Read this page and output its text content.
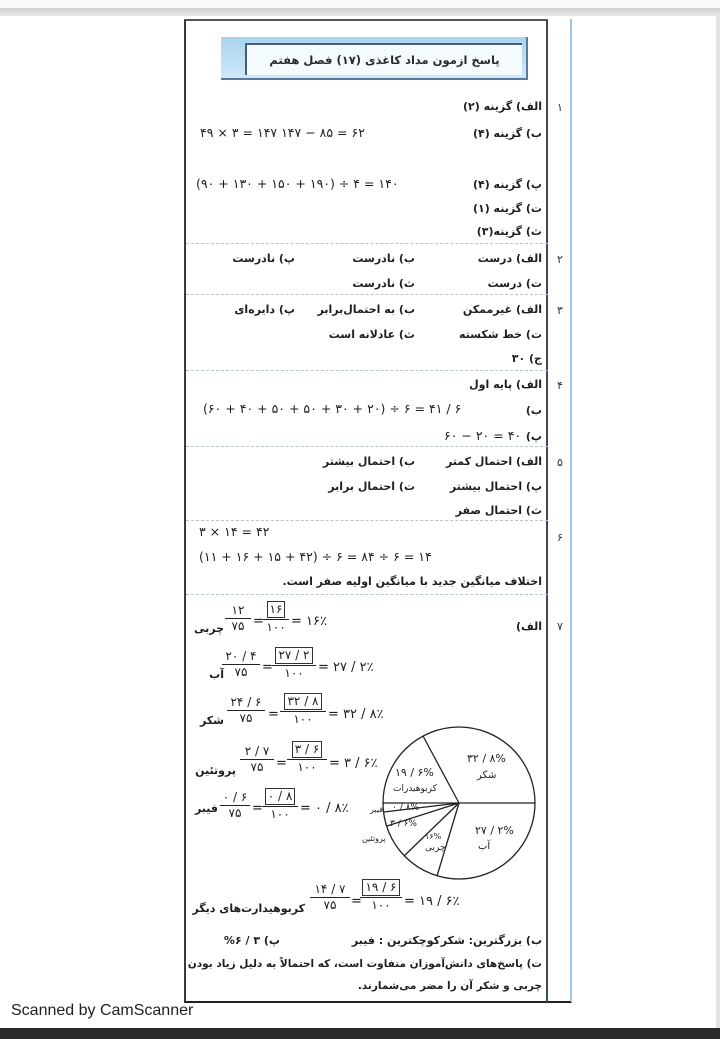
پاسخ ازمون مداد کاغذی (۱۷) فصل هفتم
۱
الف) گزینه (۲)
ب) گزینه (۴)
۴۹ × ۳ = ۱۴۷ ۱۴۷ − ۸۵ = ۶۲
پ) گزینه (۴)
(۹۰ + ۱۳۰ + ۱۵۰ + ۱۹۰) ÷ ۴ = ۱۴۰
ت) گزینه (۱)
ث) گزینه(۳)
۲
الف) درست
ب) نادرست
پ) نادرست
ت) درست
ث) نادرست
۳
الف) غیرممکن
ب) به احتمال‌برابر
پ) دایره‌ای
ت) خط شکسته
ث) عادلانه است
ج) ۳۰
۴
الف) پایه اول
ب)
(۶۰ + ۴۰ + ۵۰ + ۵۰ + ۳۰ + ۲۰) ÷ ۶ = ۴۱ / ۶
پ)
۶۰ − ۲۰ = ۴۰
۵
الف) احتمال کمتر
ب) احتمال بیشتر
پ) احتمال بیشتر
ت) احتمال برابر
ث) احتمال صفر
۶
۳ × ۱۴ = ۴۲
(۱۱ + ۱۶ + ۱۵ + ۴۲) ÷ ۶ = ۸۴ ÷ ۶ = ۱۴
اختلاف میانگین جدید با میانگین اولیه صفر است.
۷
الف)
چربی
۱۲
۷۵ =
۱۶
۱۰۰ = ۱۶٪
آب
۲۰ / ۴
۷۵ =
۲۷ / ۲
۱۰۰ = ۲۷ / ۲٪
شکر
۲۴ / ۶
۷۵ =
۳۲ / ۸
۱۰۰ = ۳۲ / ۸٪
پروتئین
۲ / ۷
۷۵ =
۳ / ۶
۱۰۰ = ۳ / ۶٪
فیبر
۰ / ۶
۷۵ =
۰ / ۸
۱۰۰ = ۰ / ۸٪
۳۲ / ۸%
شکر
۲۷ / ۲%
آب
۱۶%
چربی
۳ / ۶%
پروتئین
۰ / ۸%
فیبر
۱۹ / ۶%
کربوهیدرات
کربوهیدارت‌های دیگر
۱۴ / ۷
۷۵ =
۱۹ / ۶
۱۰۰ = ۱۹ / ۶٪
ب) بزرگترین: شکر
کوچکترین : فیبر
پ) ۳ / ۶%
ت) پاسخ‌های دانش‌آموزان متفاوت است، که احتمالاً به دلیل زیاد بودن
چربی و شکر آن را مضر می‌شمارند.
Scanned by CamScanner
